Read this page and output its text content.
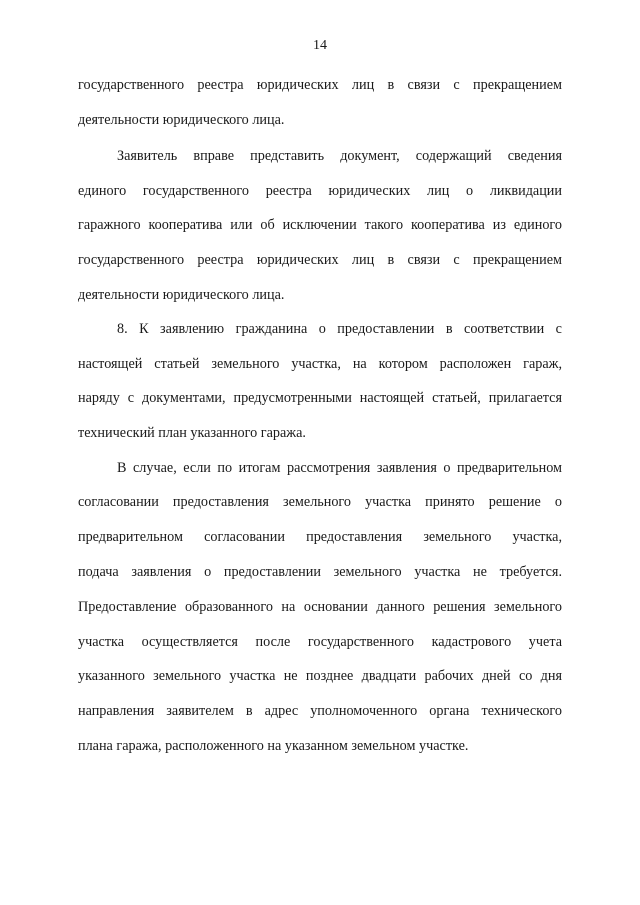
14
государственного реестра юридических лиц в связи с прекращением
деятельности юридического лица.
Заявитель вправе представить документ, содержащий сведения
единого государственного реестра юридических лиц о ликвидации
гаражного кооператива или об исключении такого кооператива из единого
государственного реестра юридических лиц в связи с прекращением
деятельности юридического лица.
8. К заявлению гражданина о предоставлении в соответствии с
настоящей статьей земельного участка, на котором расположен гараж,
наряду с документами, предусмотренными настоящей статьей, прилагается
технический план указанного гаража.
В случае, если по итогам рассмотрения заявления о предварительном
согласовании предоставления земельного участка принято решение о
предварительном согласовании предоставления земельного участка,
подача заявления о предоставлении земельного участка не требуется.
Предоставление образованного на основании данного решения земельного
участка осуществляется после государственного кадастрового учета
указанного земельного участка не позднее двадцати рабочих дней со дня
направления заявителем в адрес уполномоченного органа технического
плана гаража, расположенного на указанном земельном участке.
